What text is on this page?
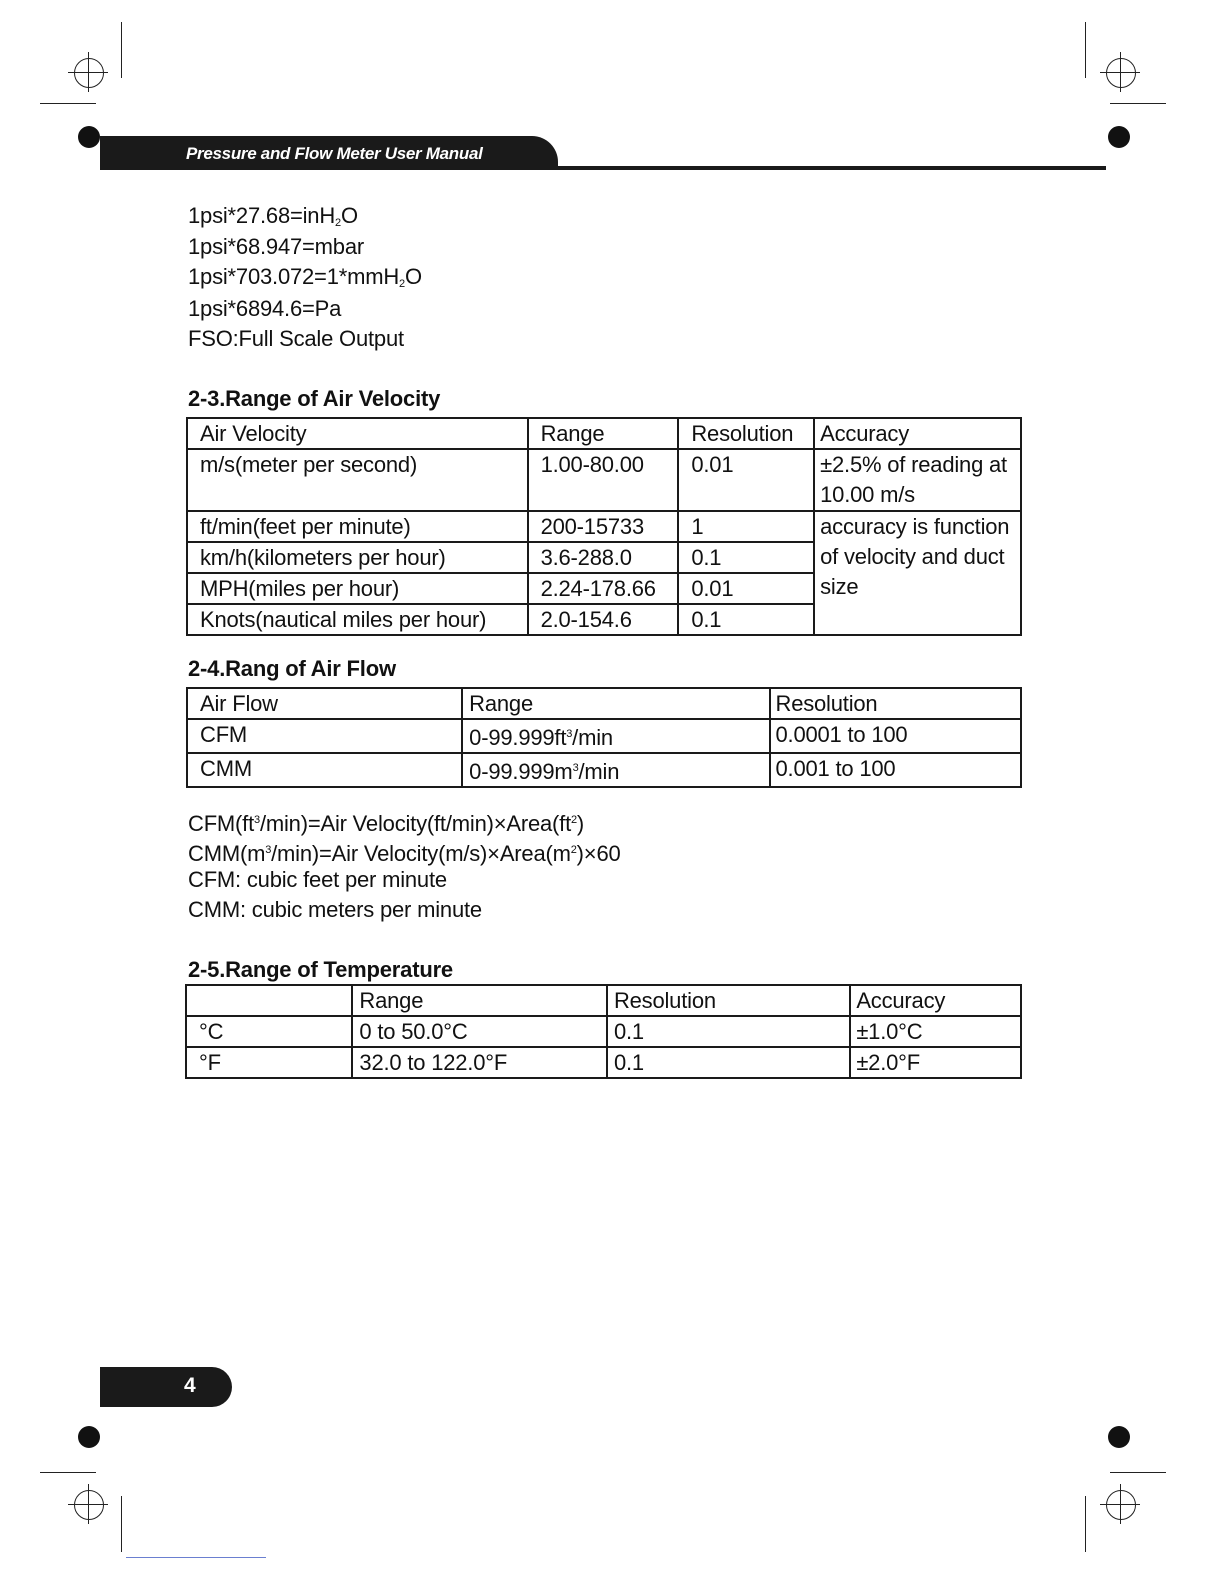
Pressure and Flow Meter User Manual
1psi*27.68=inH$_2$O
1psi*68.947=mbar
1psi*703.072=1*mmH$_2$O
1psi*6894.6=Pa
FSO:Full Scale Output
2-3.Range of Air Velocity
Air Velocity	Range	Resolution	Accuracy
m/s(meter per second)	1.00-80.00	0.01	±2.5% of reading at 10.00 m/s
ft/min(feet per minute)	200-15733	1	accuracy is function of velocity and duct size
km/h(kilometers per hour)	3.6-288.0	0.1	
MPH(miles per hour)	2.24-178.66	0.01	
Knots(nautical miles per hour)	2.0-154.6	0.1	
2-4.Rang of Air Flow
Air Flow	Range	Resolution
CFM	$0-99.999ft^3/\min$	0.0001 to 100
CMM	$0-99.999m^3/\min$	0.001 to 100
$CFM(ft^3/\min)=Air$ $Velocity(ft/\min)\times Area(ft^2)$
$CMM(m^3/\min)=Air$ $Velocity(m/s)\times Area(m^2)\times 60$
CFM: cubic feet per minute
CMM: cubic meters per minute
2-5.Range of Temperature
	Range	Resolution	Accuracy
°C	0 to 50.0°C	0.1	±1.0°C
°F	32.0 to 122.0°F	0.1	±2.0°F
4
